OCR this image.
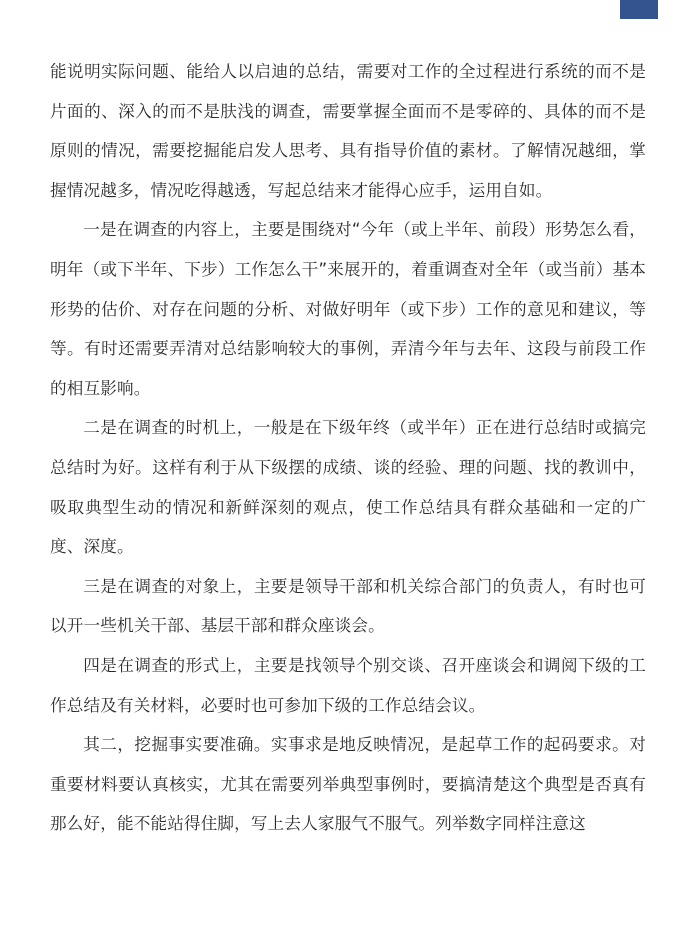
能说明实际问题、能给人以启迪的总结，需要对工作的全过程进行系统的而不是片面的、深入的而不是肤浅的调查，需要掌握全面而不是零碎的、具体的而不是原则的情况，需要挖掘能启发人思考、具有指导价值的素材。了解情况越细，掌握情况越多，情况吃得越透，写起总结来才能得心应手，运用自如。

一是在调查的内容上，主要是围绕对“今年（或上半年、前段）形势怎么看，明年（或下半年、下步）工作怎么干”来展开的，着重调查对全年（或当前）基本形势的估价、对存在问题的分析、对做好明年（或下步）工作的意见和建议，等等。有时还需要弄清对总结影响较大的事例，弄清今年与去年、这段与前段工作的相互影响。

二是在调查的时机上，一般是在下级年终（或半年）正在进行总结时或搞完总结时为好。这样有利于从下级摆的成绩、谈的经验、理的问题、找的教训中，吸取典型生动的情况和新鲜深刻的观点，使工作总结具有群众基础和一定的广度、深度。

三是在调查的对象上，主要是领导干部和机关综合部门的负责人，有时也可以开一些机关干部、基层干部和群众座谈会。

四是在调查的形式上，主要是找领导个别交谈、召开座谈会和调阅下级的工作总结及有关材料，必要时也可参加下级的工作总结会议。

其二，挖掘事实要准确。实事求是地反映情况，是起草工作的起码要求。对重要材料要认真核实，尤其在需要列举典型事例时，要搞清楚这个典型是否真有那么好，能不能站得住脚，写上去人家服气不服气。列举数字同样注意这
